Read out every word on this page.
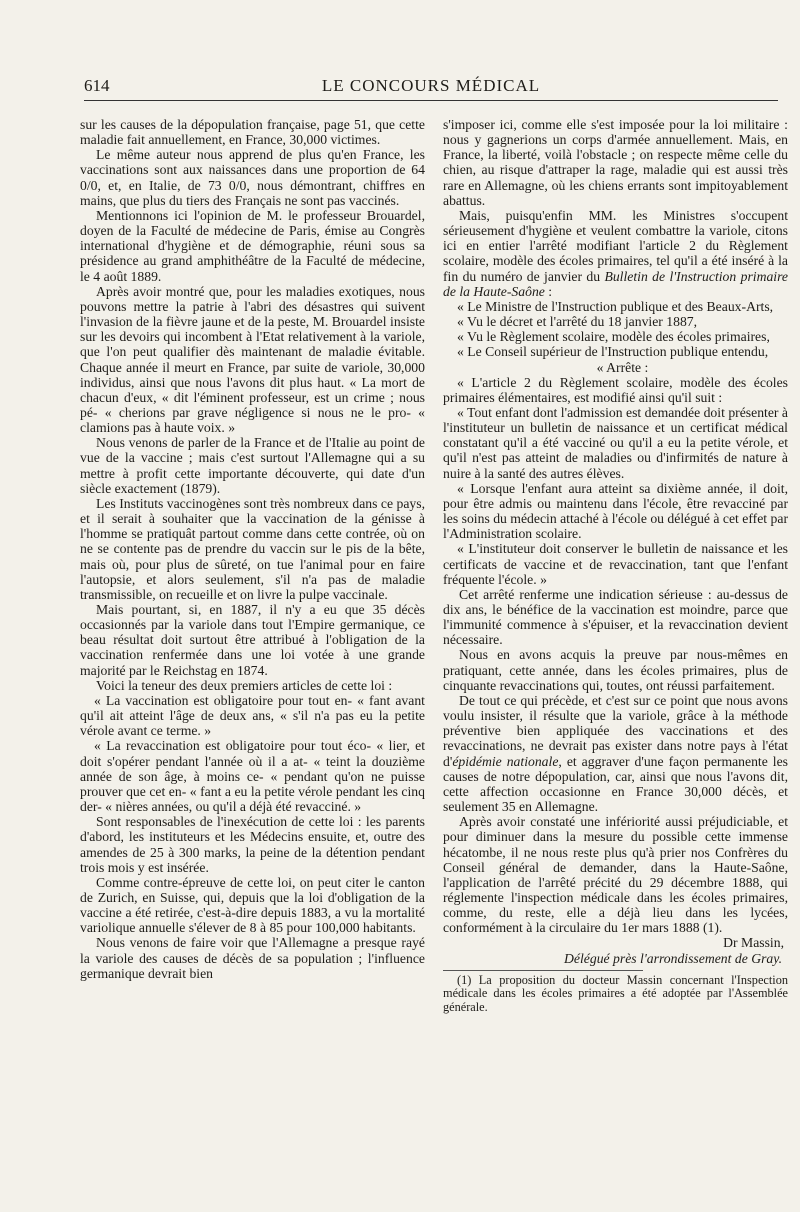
614	LE CONCOURS MÉDICAL

sur les causes de la dépopulation française, page 51, que cette maladie fait annuellement, en France, 30,000 victimes.

Le même auteur nous apprend de plus qu'en France, les vaccinations sont aux naissances dans une proportion de 64 0/0, et, en Italie, de 73 0/0, nous démontrant, chiffres en mains, que plus du tiers des Français ne sont pas vaccinés.

Mentionnons ici l'opinion de M. le professeur Brouardel, doyen de la Faculté de médecine de Paris, émise au Congrès international d'hygiène et de démographie, réuni sous sa présidence au grand amphithéâtre de la Faculté de médecine, le 4 août 1889.

Après avoir montré que, pour les maladies exotiques, nous pouvons mettre la patrie à l'abri des désastres qui suivent l'invasion de la fièvre jaune et de la peste, M. Brouardel insiste sur les devoirs qui incombent à l'Etat relativement à la variole, que l'on peut qualifier dès maintenant de maladie évitable. Chaque année il meurt en France, par suite de variole, 30,000 individus, ainsi que nous l'avons dit plus haut. « La mort de chacun d'eux, « dit l'éminent professeur, est un crime ; nous pé- « cherions par grave négligence si nous ne le pro- « clamions pas à haute voix. »

Nous venons de parler de la France et de l'Italie au point de vue de la vaccine ; mais c'est surtout l'Allemagne qui a su mettre à profit cette importante découverte, qui date d'un siècle exactement (1879).

Les Instituts vaccinogènes sont très nombreux dans ce pays, et il serait à souhaiter que la vaccination de la génisse à l'homme se pratiquât partout comme dans cette contrée, où on ne se contente pas de prendre du vaccin sur le pis de la bête, mais où, pour plus de sûreté, on tue l'animal pour en faire l'autopsie, et alors seulement, s'il n'a pas de maladie transmissible, on recueille et on livre la pulpe vaccinale.

Mais pourtant, si, en 1887, il n'y a eu que 35 décès occasionnés par la variole dans tout l'Empire germanique, ce beau résultat doit surtout être attribué à l'obligation de la vaccination renfermée dans une loi votée à une grande majorité par le Reichstag en 1874.

Voici la teneur des deux premiers articles de cette loi :

« La vaccination est obligatoire pour tout en- « fant avant qu'il ait atteint l'âge de deux ans, « s'il n'a pas eu la petite vérole avant ce terme. »

« La revaccination est obligatoire pour tout éco- « lier, et doit s'opérer pendant l'année où il a at- « teint la douzième année de son âge, à moins ce- « pendant qu'on ne puisse prouver que cet en- « fant a eu la petite vérole pendant les cinq der- « nières années, ou qu'il a déjà été revacciné. »

Sont responsables de l'inexécution de cette loi : les parents d'abord, les instituteurs et les Médecins ensuite, et, outre des amendes de 25 à 300 marks, la peine de la détention pendant trois mois y est insérée.

Comme contre-épreuve de cette loi, on peut citer le canton de Zurich, en Suisse, qui, depuis que la loi d'obligation de la vaccine a été retirée, c'est-à-dire depuis 1883, a vu la mortalité variolique annuelle s'élever de 8 à 85 pour 100,000 habitants.

Nous venons de faire voir que l'Allemagne a presque rayé la variole des causes de décès de sa population ; l'influence germanique devrait bien

s'imposer ici, comme elle s'est imposée pour la loi militaire : nous y gagnerions un corps d'armée annuellement. Mais, en France, la liberté, voilà l'obstacle ; on respecte même celle du chien, au risque d'attraper la rage, maladie qui est aussi très rare en Allemagne, où les chiens errants sont impitoyablement abattus.

Mais, puisqu'enfin MM. les Ministres s'occupent sérieusement d'hygiène et veulent combattre la variole, citons ici en entier l'arrêté modifiant l'article 2 du Règlement scolaire, modèle des écoles primaires, tel qu'il a été inséré à la fin du numéro de janvier du Bulletin de l'Instruction primaire de la Haute-Saône :

« Le Ministre de l'Instruction publique et des Beaux-Arts,

« Vu le décret et l'arrêté du 18 janvier 1887,

« Vu le Règlement scolaire, modèle des écoles primaires,

« Le Conseil supérieur de l'Instruction publique entendu,

« Arrête :

« L'article 2 du Règlement scolaire, modèle des écoles primaires élémentaires, est modifié ainsi qu'il suit :

« Tout enfant dont l'admission est demandée doit présenter à l'instituteur un bulletin de naissance et un certificat médical constatant qu'il a été vacciné ou qu'il a eu la petite vérole, et qu'il n'est pas atteint de maladies ou d'infirmités de nature à nuire à la santé des autres élèves.

« Lorsque l'enfant aura atteint sa dixième année, il doit, pour être admis ou maintenu dans l'école, être revacciné par les soins du médecin attaché à l'école ou délégué à cet effet par l'Administration scolaire.

« L'instituteur doit conserver le bulletin de naissance et les certificats de vaccine et de revaccination, tant que l'enfant fréquente l'école. »

Cet arrêté renferme une indication sérieuse : au-dessus de dix ans, le bénéfice de la vaccination est moindre, parce que l'immunité commence à s'épuiser, et la revaccination devient nécessaire.

Nous en avons acquis la preuve par nous-mêmes en pratiquant, cette année, dans les écoles primaires, plus de cinquante revaccinations qui, toutes, ont réussi parfaitement.

De tout ce qui précède, et c'est sur ce point que nous avons voulu insister, il résulte que la variole, grâce à la méthode préventive bien appliquée des vaccinations et des revaccinations, ne devrait pas exister dans notre pays à l'état d'épidémie nationale, et aggraver d'une façon permanente les causes de notre dépopulation, car, ainsi que nous l'avons dit, cette affection occasionne en France 30,000 décès, et seulement 35 en Allemagne.

Après avoir constaté une infériorité aussi préjudiciable, et pour diminuer dans la mesure du possible cette immense hécatombe, il ne nous reste plus qu'à prier nos Confrères du Conseil général de demander, dans la Haute-Saône, l'application de l'arrêté précité du 29 décembre 1888, qui réglemente l'inspection médicale dans les écoles primaires, comme, du reste, elle a déjà lieu dans les lycées, conformément à la circulaire du 1er mars 1888 (1).

Dr Massin,

Délégué près l'arrondissement de Gray.

(1) La proposition du docteur Massin concernant l'Inspection médicale dans les écoles primaires a été adoptée par l'Assemblée générale.
